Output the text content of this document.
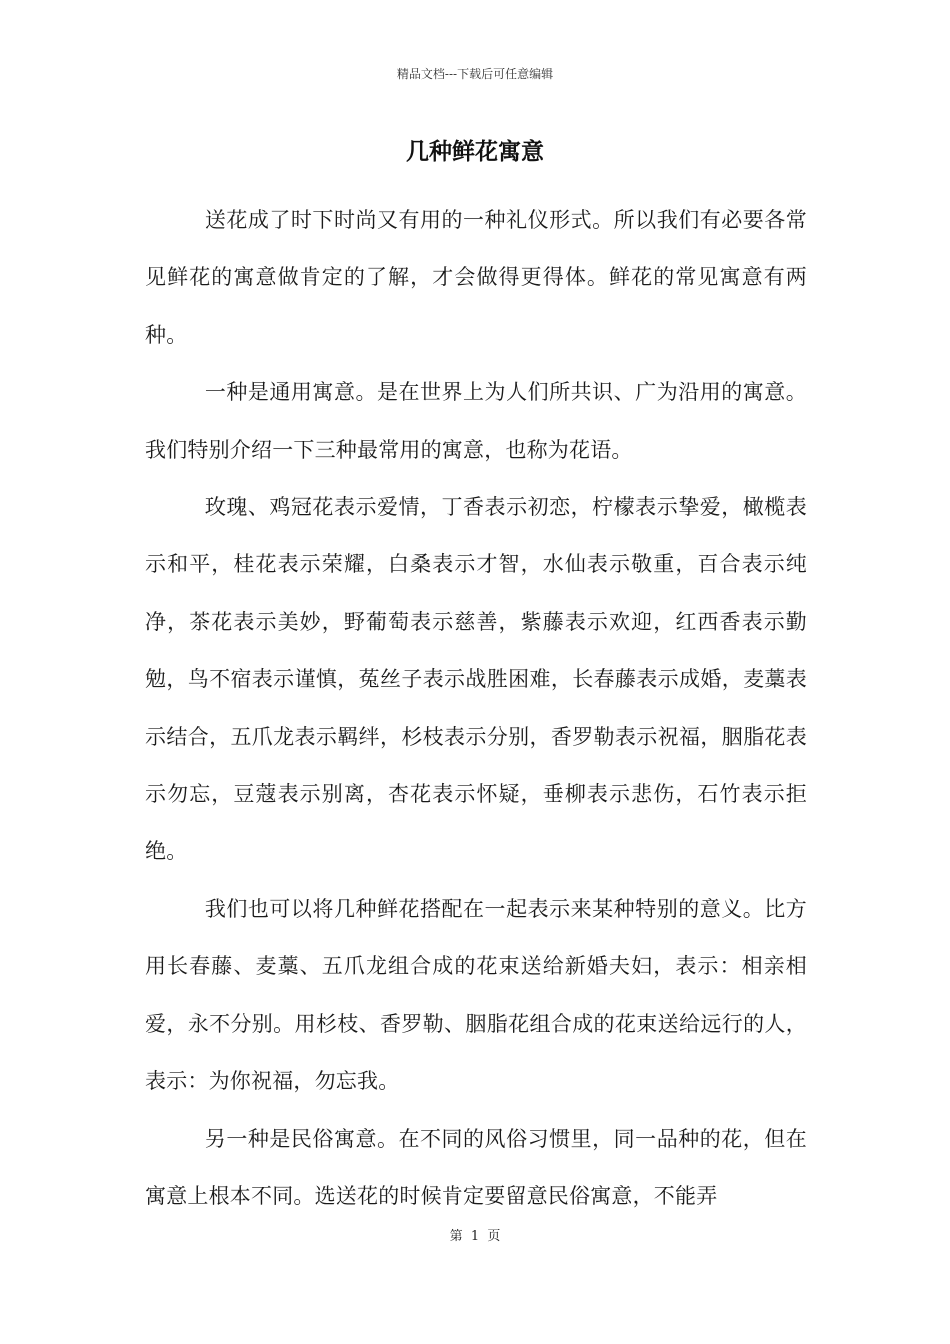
精品文档---下载后可任意编辑
几种鲜花寓意

送花成了时下时尚又有用的一种礼仪形式。所以我们有必要各常见鲜花的寓意做肯定的了解，才会做得更得体。鲜花的常见寓意有两种。

一种是通用寓意。是在世界上为人们所共识、广为沿用的寓意。我们特别介绍一下三种最常用的寓意，也称为花语。

玫瑰、鸡冠花表示爱情，丁香表示初恋，柠檬表示挚爱，橄榄表示和平，桂花表示荣耀，白桑表示才智，水仙表示敬重，百合表示纯净，茶花表示美妙，野葡萄表示慈善，紫藤表示欢迎，红西香表示勤勉，鸟不宿表示谨慎，菟丝子表示战胜困难，长春藤表示成婚，麦藁表示结合，五爪龙表示羁绊，杉枝表示分别，香罗勒表示祝福，胭脂花表示勿忘，豆蔻表示别离，杏花表示怀疑，垂柳表示悲伤，石竹表示拒绝。

我们也可以将几种鲜花搭配在一起表示来某种特别的意义。比方用长春藤、麦藁、五爪龙组合成的花束送给新婚夫妇，表示：相亲相爱，永不分别。用杉枝、香罗勒、胭脂花组合成的花束送给远行的人，表示：为你祝福，勿忘我。

另一种是民俗寓意。在不同的风俗习惯里，同一品种的花，但在寓意上根本不同。选送花的时候肯定要留意民俗寓意，不能弄

第  1  页
